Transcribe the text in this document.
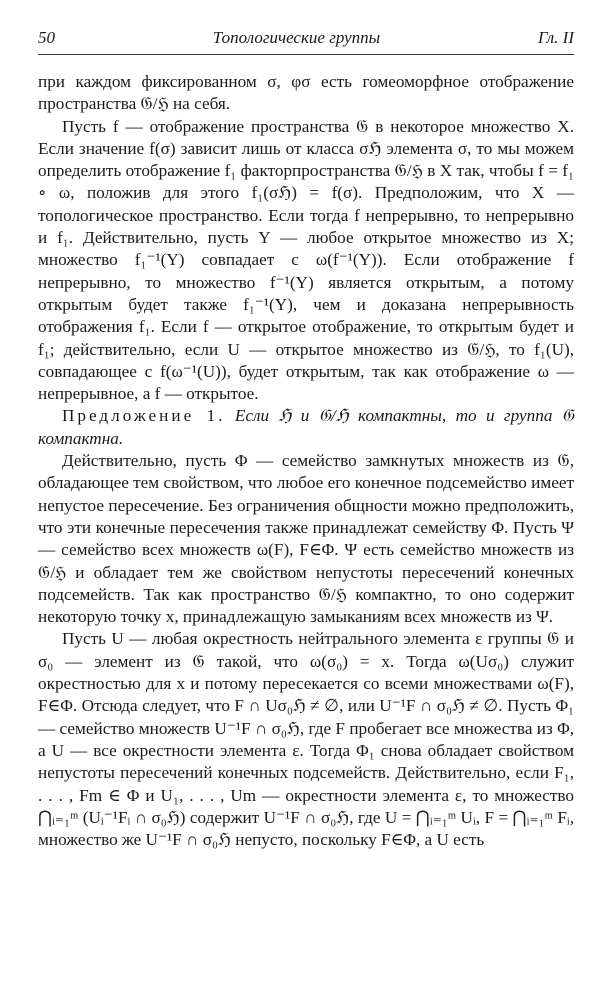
50	Топологические группы	Гл. II

при каждом фиксированном σ, φσ есть гомеоморфное отображение пространства 𝔊/ℌ на себя.

Пусть f — отображение пространства 𝔊 в некоторое множество X. Если значение f(σ) зависит лишь от класса σℌ элемента σ, то мы можем определить отображение f₁ факторпространства 𝔊/ℌ в X так, чтобы f = f₁ ∘ ω, положив для этого f₁(σℌ) = f(σ). Предположим, что X — топологическое пространство. Если тогда f непрерывно, то непрерывно и f₁. Действительно, пусть Y — любое открытое множество из X; множество f₁⁻¹(Y) совпадает с ω(f⁻¹(Y)). Если отображение f непрерывно, то множество f⁻¹(Y) является открытым, а потому открытым будет также f₁⁻¹(Y), чем и доказана непрерывность отображения f₁. Если f — открытое отображение, то открытым будет и f₁; действительно, если U — открытое множество из 𝔊/ℌ, то f₁(U), совпадающее с f(ω⁻¹(U)), будет открытым, так как отображение ω — непрерывное, а f — открытое.

Предложение 1. Если ℌ и 𝔊/ℌ компактны, то и группа 𝔊 компактна.

Действительно, пусть Φ — семейство замкнутых множеств из 𝔊, обладающее тем свойством, что любое его конечное подсемейство имеет непустое пересечение. Без ограничения общности можно предположить, что эти конечные пересечения также принадлежат семейству Φ. Пусть Ψ — семейство всех множеств ω(F), F∈Φ. Ψ есть семейство множеств из 𝔊/ℌ и обладает тем же свойством непустоты пересечений конечных подсемейств. Так как пространство 𝔊/ℌ компактно, то оно содержит некоторую точку x, принадлежащую замыканиям всех множеств из Ψ.

Пусть U — любая окрестность нейтрального элемента ε группы 𝔊 и σ₀ — элемент из 𝔊 такой, что ω(σ₀) = x. Тогда ω(Uσ₀) служит окрестностью для x и потому пересекается со всеми множествами ω(F), F∈Φ. Отсюда следует, что F ∩ Uσ₀ℌ ≠ ∅, или U⁻¹F ∩ σ₀ℌ ≠ ∅. Пусть Φ₁ — семейство множеств U⁻¹F ∩ σ₀ℌ, где F пробегает все множества из Φ, а U — все окрестности элемента ε. Тогда Φ₁ снова обладает свойством непустоты пересечений конечных подсемейств. Действительно, если F₁, . . . , Fm ∈ Φ и U₁, . . . , Um — окрестности элемента ε, то множество ⋂ᵢ₌₁ᵐ (Uᵢ⁻¹Fᵢ ∩ σ₀ℌ) содержит U⁻¹F ∩ σ₀ℌ, где U = ⋂ᵢ₌₁ᵐ Uᵢ, F = ⋂ᵢ₌₁ᵐ Fᵢ, множество же U⁻¹F ∩ σ₀ℌ непусто, поскольку F∈Φ, а U есть
